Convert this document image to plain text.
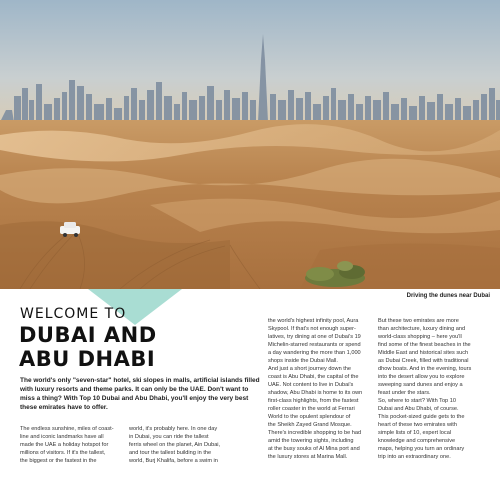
Driving the dunes near Dubai
WELCOME TO
DUBAI AND
ABU DHABI
The world's only "seven-star" hotel, ski slopes in malls, artificial islands filled with luxury resorts and theme parks. It can only be the UAE. Don't want to miss a thing? With Top 10 Dubai and Abu Dhabi, you'll enjoy the very best these emirates have to offer.
The endless sunshine, miles of coast-
line and iconic landmarks have all
made the UAE a holiday hotspot for
millions of visitors. If it's the tallest,
the biggest or the fastest in the
world, it's probably here. In one day
in Dubai, you can ride the tallest
ferris wheel on the planet, Ain Dubai,
and tour the tallest building in the
world, Burj Khalifa, before a swim in
the world's highest infinity pool, Aura
Skypool. If that's not enough super-
latives, try dining at one of Dubai's 19
Michelin-starred restaurants or spend
a day wandering the more than 1,000
shops inside the Dubai Mall.
And just a short journey down the
coast is Abu Dhabi, the capital of the
UAE. Not content to live in Dubai's
shadow, Abu Dhabi is home to its own
first-class highlights, from the fastest
roller coaster in the world at Ferrari
World to the opulent splendour of
the Sheikh Zayed Grand Mosque.
There's incredible shopping to be had
amid the towering sights, including
at the busy souks of Al Mina port and
the luxury stores at Marina Mall.
But these two emirates are more
than architecture, luxury dining and
world-class shopping – here you'll
find some of the finest beaches in the
Middle East and historical sites such
as Dubai Creek, filled with traditional
dhow boats. And in the evening, tours
into the desert allow you to explore
sweeping sand dunes and enjoy a
feast under the stars.
So, where to start? With Top 10
Dubai and Abu Dhabi, of course.
This pocket-sized guide gets to the
heart of these two emirates with
simple lists of 10, expert local
knowledge and comprehensive
maps, helping you turn an ordinary
trip into an extraordinary one.
